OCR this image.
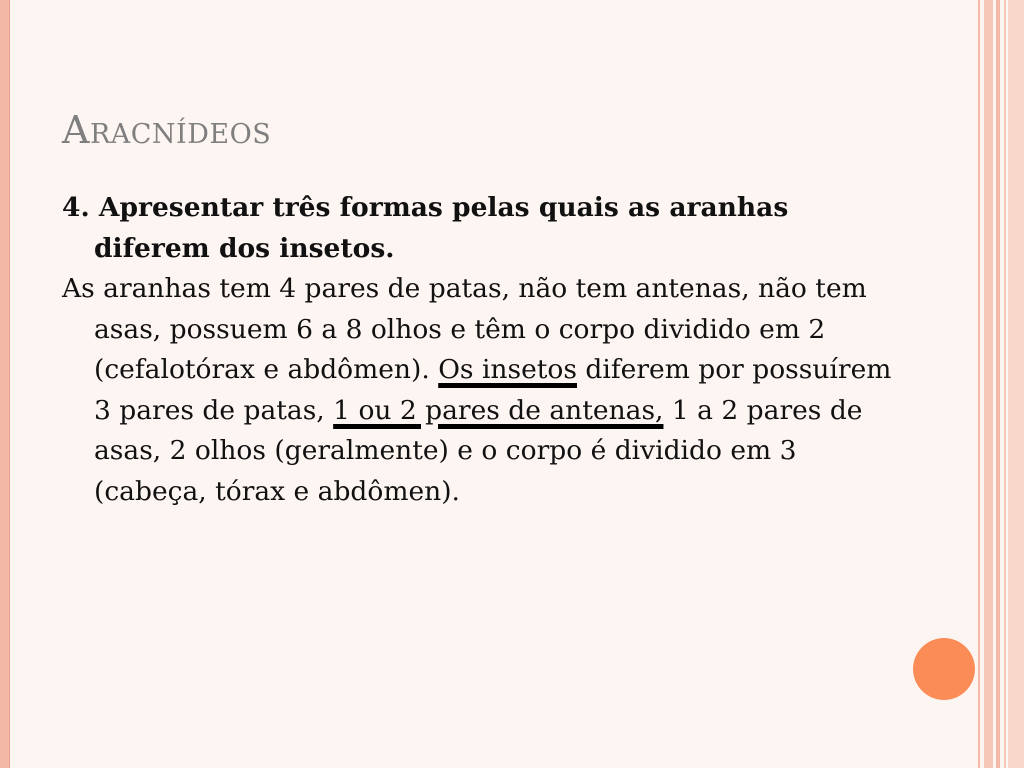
Aracnídeos

4. Apresentar três formas pelas quais as aranhas diferem dos insetos.

As aranhas tem 4 pares de patas, não tem antenas, não tem asas, possuem 6 a 8 olhos e têm o corpo dividido em 2 (cefalotórax e abdômen). Os insetos diferem por possuírem 3 pares de patas, 1 ou 2 pares de antenas, 1 a 2 pares de asas, 2 olhos (geralmente) e o corpo é dividido em 3 (cabeça, tórax e abdômen).
